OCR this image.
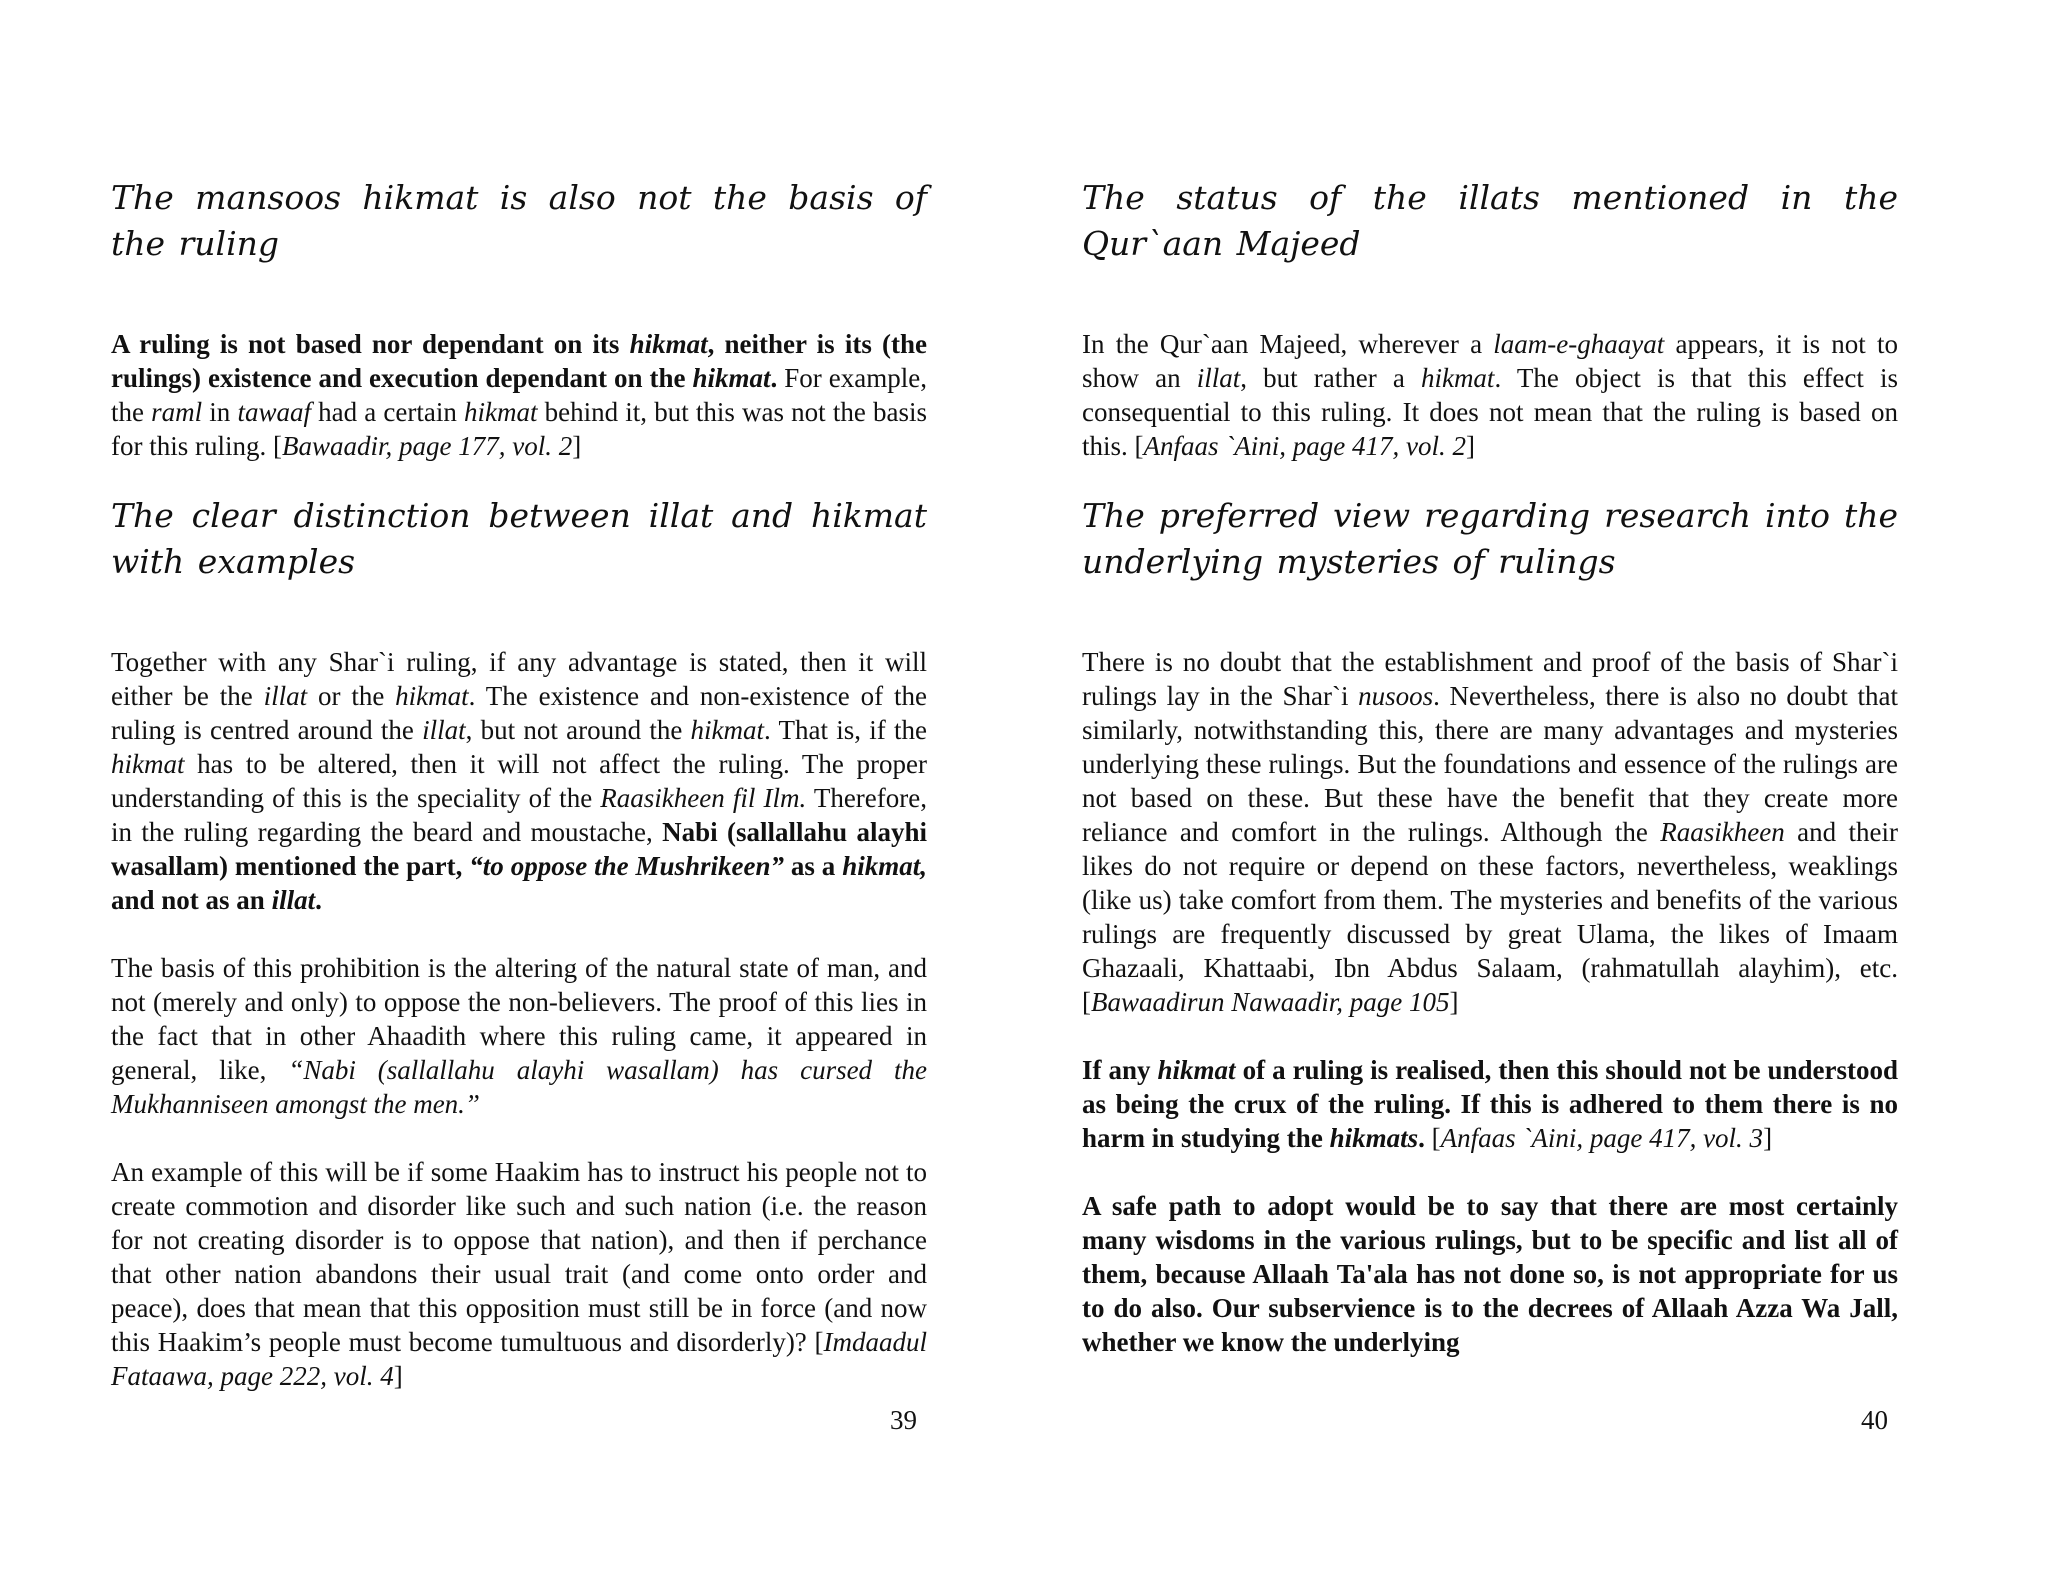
The mansoos hikmat is also not the basis of the ruling

A ruling is not based nor dependant on its hikmat, neither is its (the rulings) existence and execution dependant on the hikmat. For example, the raml in tawaaf had a certain hikmat behind it, but this was not the basis for this ruling. [Bawaadir, page 177, vol. 2]

The clear distinction between illat and hikmat with examples

Together with any Shar`i ruling, if any advantage is stated, then it will either be the illat or the hikmat. The existence and non-existence of the ruling is centred around the illat, but not around the hikmat. That is, if the hikmat has to be altered, then it will not affect the ruling. The proper understanding of this is the speciality of the Raasikheen fil Ilm. Therefore, in the ruling regarding the beard and moustache, Nabi (sallallahu alayhi wasallam) mentioned the part, “to oppose the Mushrikeen” as a hikmat, and not as an illat.

The basis of this prohibition is the altering of the natural state of man, and not (merely and only) to oppose the non-believers. The proof of this lies in the fact that in other Ahaadith where this ruling came, it appeared in general, like, “Nabi (sallallahu alayhi wasallam) has cursed the Mukhanniseen amongst the men.”

An example of this will be if some Haakim has to instruct his people not to create commotion and disorder like such and such nation (i.e. the reason for not creating disorder is to oppose that nation), and then if perchance that other nation abandons their usual trait (and come onto order and peace), does that mean that this opposition must still be in force (and now this Haakim’s people must become tumultuous and disorderly)? [Imdaadul Fataawa, page 222, vol. 4]

39
The status of the illats mentioned in the Qur`aan Majeed

In the Qur`aan Majeed, wherever a laam-e-ghaayat appears, it is not to show an illat, but rather a hikmat. The object is that this effect is consequential to this ruling. It does not mean that the ruling is based on this. [Anfaas `Aini, page 417, vol. 2]

The preferred view regarding research into the underlying mysteries of rulings

There is no doubt that the establishment and proof of the basis of Shar`i rulings lay in the Shar`i nusoos. Nevertheless, there is also no doubt that similarly, notwithstanding this, there are many advantages and mysteries underlying these rulings. But the foundations and essence of the rulings are not based on these. But these have the benefit that they create more reliance and comfort in the rulings. Although the Raasikheen and their likes do not require or depend on these factors, nevertheless, weaklings (like us) take comfort from them. The mysteries and benefits of the various rulings are frequently discussed by great Ulama, the likes of Imaam Ghazaali, Khattaabi, Ibn Abdus Salaam, (rahmatullah alayhim), etc. [Bawaadirun Nawaadir, page 105]

If any hikmat of a ruling is realised, then this should not be understood as being the crux of the ruling. If this is adhered to them there is no harm in studying the hikmats. [Anfaas `Aini, page 417, vol. 3]

A safe path to adopt would be to say that there are most certainly many wisdoms in the various rulings, but to be specific and list all of them, because Allaah Ta'ala has not done so, is not appropriate for us to do also. Our subservience is to the decrees of Allaah Azza Wa Jall, whether we know the underlying

40
